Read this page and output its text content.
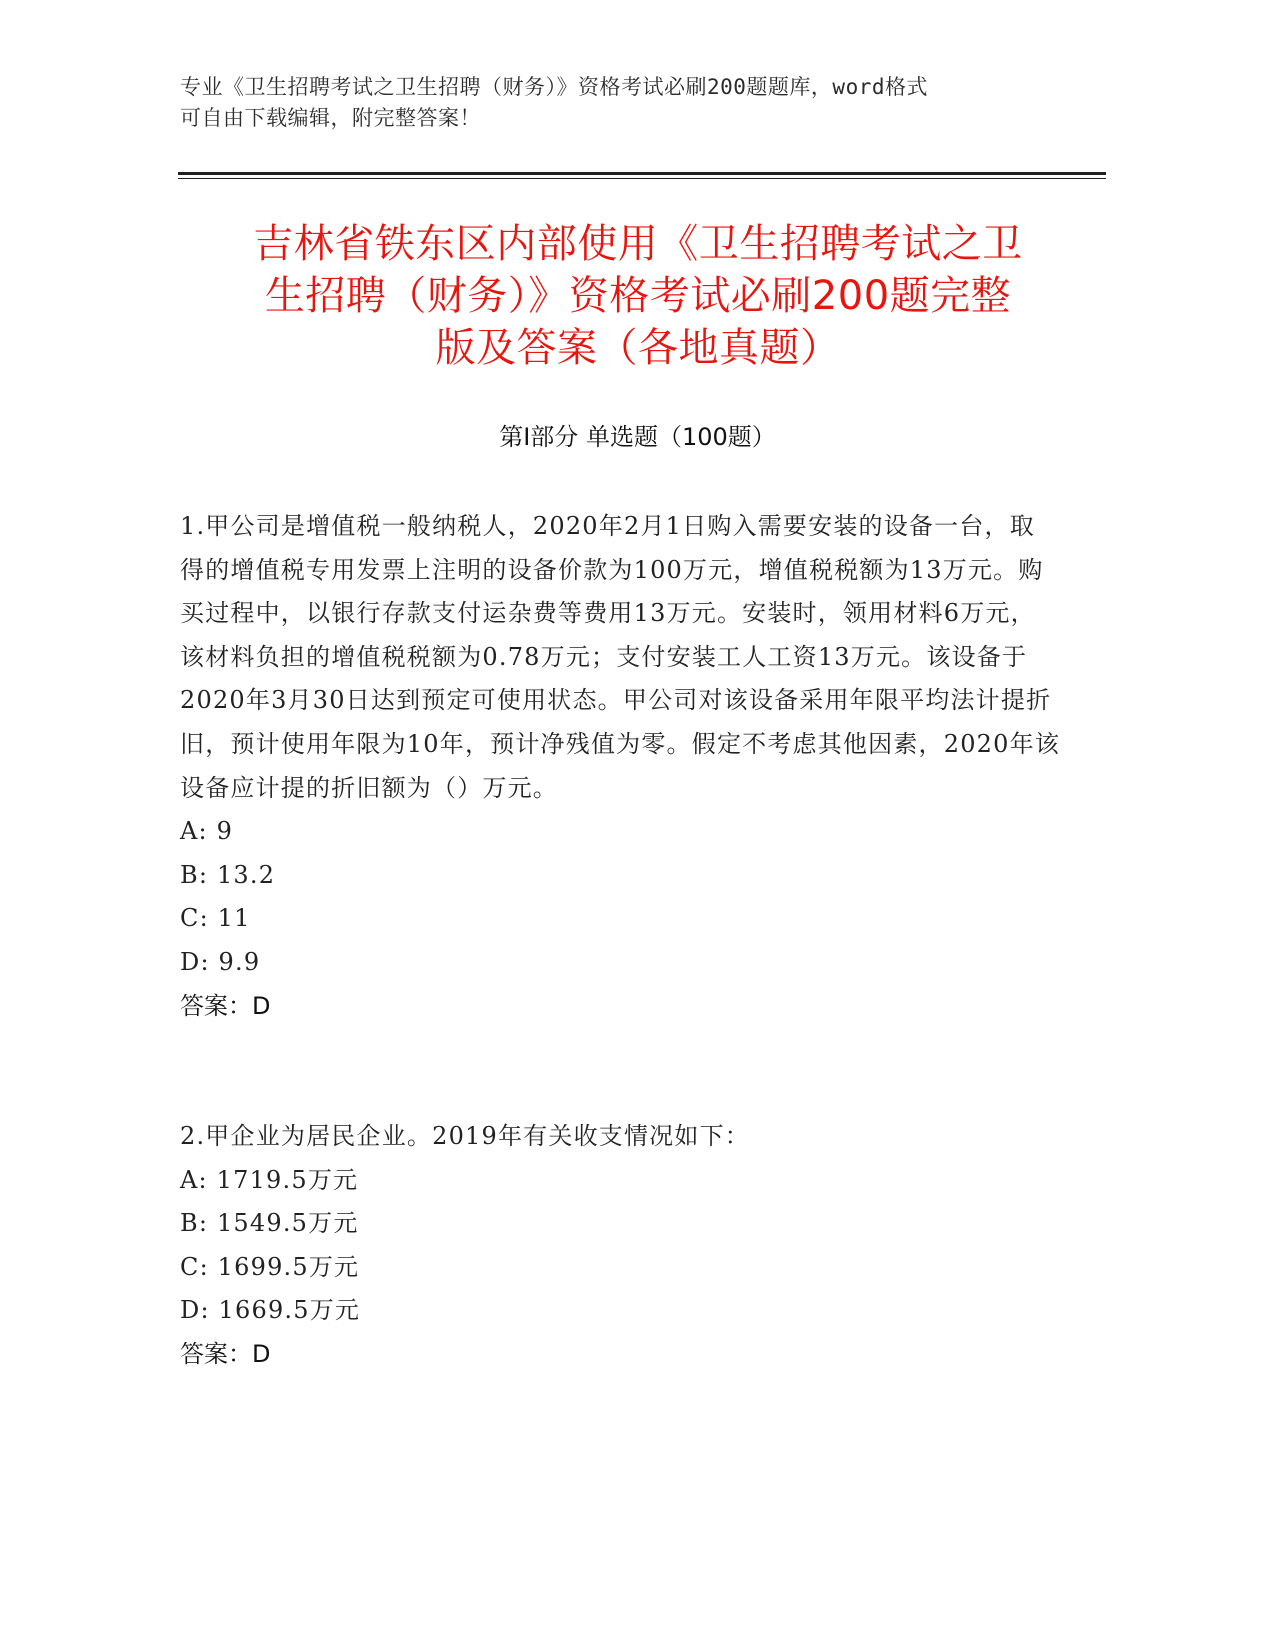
专业《卫生招聘考试之卫生招聘（财务）》资格考试必刷200题题库，word格式
可自由下载编辑，附完整答案！
吉林省铁东区内部使用《卫生招聘考试之卫
生招聘（财务）》资格考试必刷200题完整
版及答案（各地真题）
第I部分 单选题（100题）
1.甲公司是增值税一般纳税人，2020年2月1日购入需要安装的设备一台，取得的增值税专用发票上注明的设备价款为100万元，增值税税额为13万元。购买过程中，以银行存款支付运杂费等费用13万元。安装时，领用材料6万元，该材料负担的增值税税额为0.78万元；支付安装工人工资13万元。该设备于2020年3月30日达到预定可使用状态。甲公司对该设备采用年限平均法计提折旧，预计使用年限为10年，预计净残值为零。假定不考虑其他因素，2020年该设备应计提的折旧额为（）万元。
A: 9
B: 13.2
C: 11
D: 9.9
答案：D
2.甲企业为居民企业。2019年有关收支情况如下：
A: 1719.5万元
B: 1549.5万元
C: 1699.5万元
D: 1669.5万元
答案：D
